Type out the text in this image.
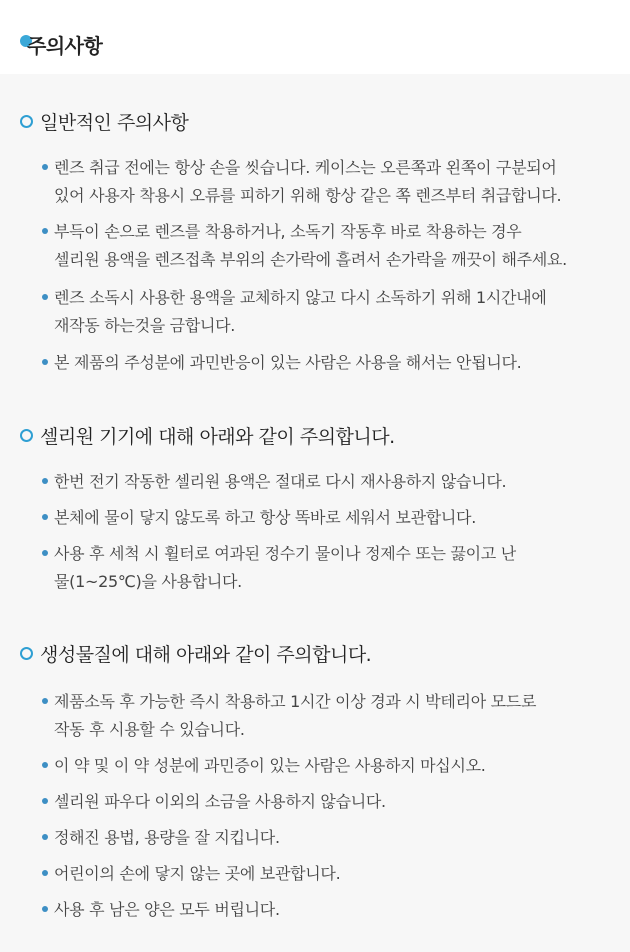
주의사항
일반적인 주의사항
렌즈 취급 전에는 항상 손을 씻습니다. 케이스는 오른쪽과 왼쪽이 구분되어
있어 사용자 착용시 오류를 피하기 위해 항상 같은 쪽 렌즈부터 취급합니다.
부득이 손으로 렌즈를 착용하거나, 소독기 작동후 바로 착용하는 경우
셀리원 용액을 렌즈접촉 부위의 손가락에 흘려서 손가락을 깨끗이 해주세요.
렌즈 소독시 사용한 용액을 교체하지 않고 다시 소독하기 위해 1시간내에
재작동 하는것을 금합니다.
본 제품의 주성분에 과민반응이 있는 사람은 사용을 해서는 안됩니다.
셀리원 기기에 대해 아래와 같이 주의합니다.
한번 전기 작동한 셀리원 용액은 절대로 다시 재사용하지 않습니다.
본체에 물이 닿지 않도록 하고 항상 똑바로 세워서 보관합니다.
사용 후 세척 시 휠터로 여과된 정수기 물이나 정제수 또는 끓이고 난
물(1~25℃)을 사용합니다.
생성물질에 대해 아래와 같이 주의합니다.
제품소독 후 가능한 즉시 착용하고 1시간 이상 경과 시 박테리아 모드로
작동 후 시용할 수 있습니다.
이 약 및 이 약 성분에 과민증이 있는 사람은 사용하지 마십시오.
셀리원 파우다 이외의 소금을 사용하지 않습니다.
정해진 용법, 용량을 잘 지킵니다.
어린이의 손에 닿지 않는 곳에 보관합니다.
사용 후 남은 양은 모두 버립니다.
